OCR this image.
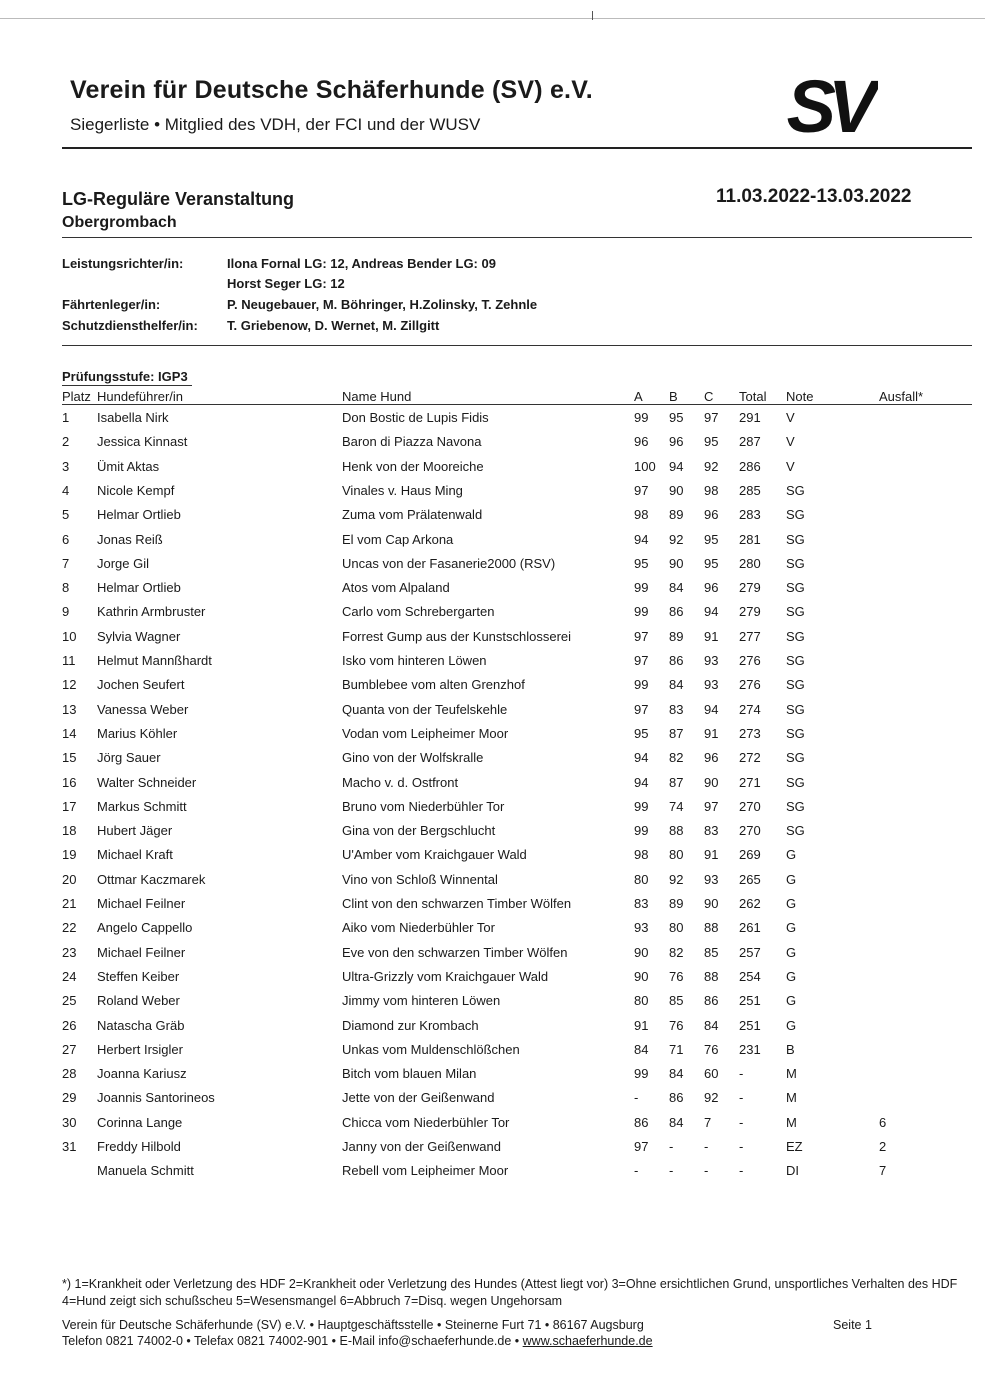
Verein für Deutsche Schäferhunde (SV) e.V.
Siegerliste • Mitglied des VDH, der FCI und der WUSV	SV
LG-Reguläre Veranstaltung
Obergrombach
11.03.2022-13.03.2022
Leistungsrichter/in:	Ilona Fornal LG: 12, Andreas Bender LG: 09
Horst Seger LG: 12
Fährtenleger/in:	P. Neugebauer, M. Böhringer, H.Zolinsky, T. Zehnle
Schutzdiensthelfer/in: T. Griebenow, D. Wernet, M. Zillgitt
Prüfungsstufe: IGP3
Platz Hundeführer/in	Name Hund	A B C Total Note	Ausfall*
1 Isabella Nirk	Don Bostic de Lupis Fidis	99 95 97 291 V
2 Jessica Kinnast	Baron di Piazza Navona	96 96 95 287 V
3 Ümit Aktas	Henk von der Mooreiche	100 94 92 286 V
4 Nicole Kempf	Vinales v. Haus Ming	97 90 98 285 SG
5 Helmar Ortlieb	Zuma vom Prälatenwald	98 89 96 283 SG
6 Jonas Reiß	El vom Cap Arkona	94 92 95 281 SG
7 Jorge Gil	Uncas von der Fasanerie2000 (RSV)	95 90 95 280 SG
8 Helmar Ortlieb	Atos vom Alpaland	99 84 96 279 SG
9 Kathrin Armbruster	Carlo vom Schrebergarten	99 86 94 279 SG
10 Sylvia Wagner	Forrest Gump aus der Kunstschlosserei	97 89 91 277 SG
11 Helmut Mannßhardt	Isko vom hinteren Löwen	97 86 93 276 SG
12 Jochen Seufert	Bumblebee vom alten Grenzhof	99 84 93 276 SG
13 Vanessa Weber	Quanta von der Teufelskehle	97 83 94 274 SG
14 Marius Köhler	Vodan vom Leipheimer Moor	95 87 91 273 SG
15 Jörg Sauer	Gino von der Wolfskralle	94 82 96 272 SG
16 Walter Schneider	Macho v. d. Ostfront	94 87 90 271 SG
17 Markus Schmitt	Bruno vom Niederbühler Tor	99 74 97 270 SG
18 Hubert Jäger	Gina von der Bergschlucht	99 88 83 270 SG
19 Michael Kraft	U'Amber vom Kraichgauer Wald	98 80 91 269 G
20 Ottmar Kaczmarek	Vino von Schloß Winnental	80 92 93 265 G
21 Michael Feilner	Clint von den schwarzen Timber Wölfen	83 89 90 262 G
22 Angelo Cappello	Aiko vom Niederbühler Tor	93 80 88 261 G
23 Michael Feilner	Eve von den schwarzen Timber Wölfen	90 82 85 257 G
24 Steffen Keiber	Ultra-Grizzly vom Kraichgauer Wald	90 76 88 254 G
25 Roland Weber	Jimmy vom hinteren Löwen	80 85 86 251 G
26 Natascha Gräb	Diamond zur Krombach	91 76 84 251 G
27 Herbert Irsigler	Unkas vom Muldenschlößchen	84 71 76 231 B
28 Joanna Kariusz	Bitch vom blauen Milan	99 84 60 -	M
29 Joannis Santorineos	Jette von der Geißenwand	- 86 92 -	M
30 Corinna Lange	Chicca vom Niederbühler Tor	86 84 7 -	M	6
31 Freddy Hilbold	Janny von der Geißenwand	97 - - -	EZ	2
Manuela Schmitt	Rebell vom Leipheimer Moor	- - - -	DI	7
*) 1=Krankheit oder Verletzung des HDF 2=Krankheit oder Verletzung des Hundes (Attest liegt vor) 3=Ohne ersichtlichen Grund, unsportliches Verhalten des HDF 4=Hund zeigt sich schußscheu 5=Wesensmangel 6=Abbruch 7=Disq. wegen Ungehorsam
Verein für Deutsche Schäferhunde (SV) e.V. • Hauptgeschäftsstelle • Steinerne Furt 71 • 86167 Augsburg	Seite 1
Telefon 0821 74002-0 • Telefax 0821 74002-901 • E-Mail info@schaeferhunde.de • www.schaeferhunde.de
